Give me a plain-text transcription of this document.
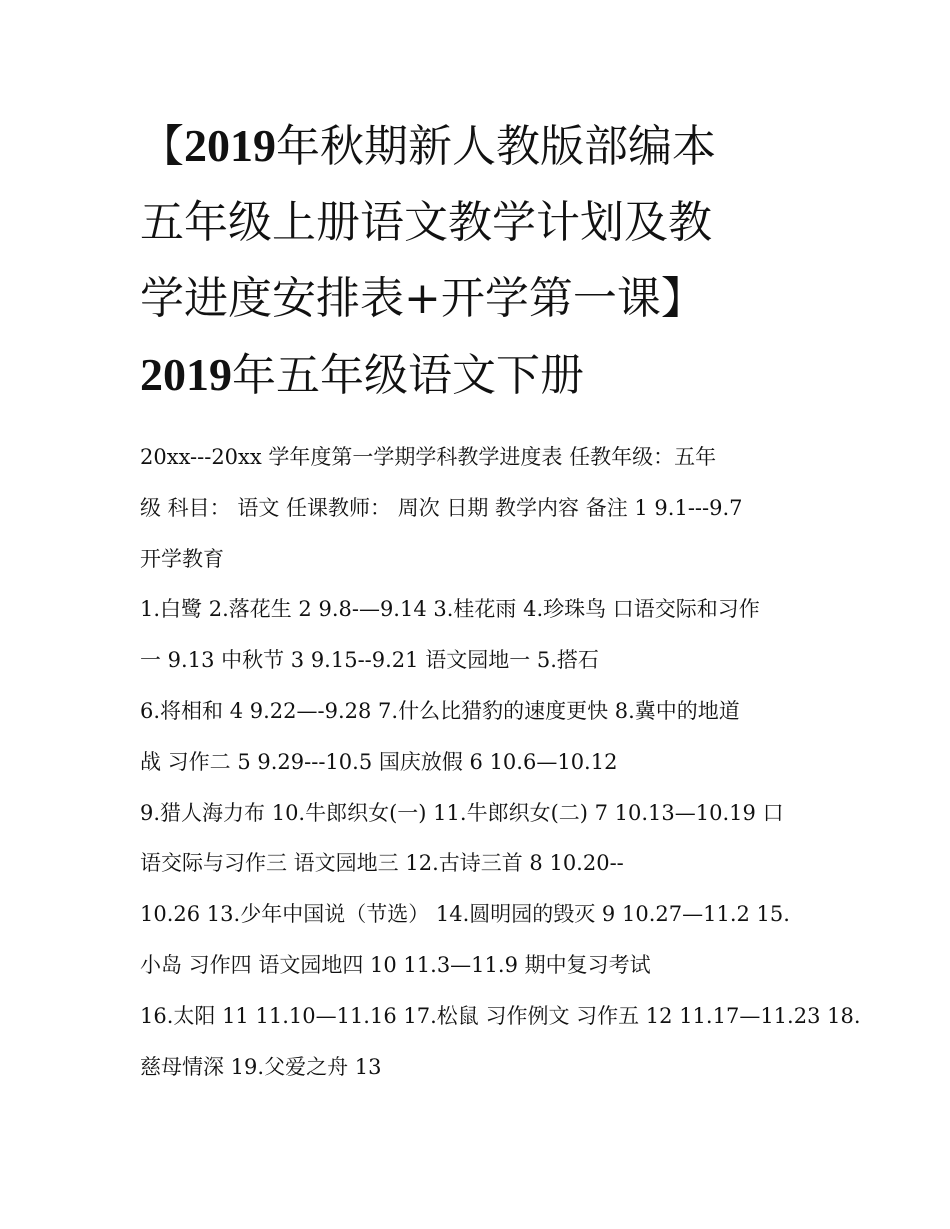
【2019年秋期新人教版部编本
五年级上册语文教学计划及教
学进度安排表+开学第一课】
2019年五年级语文下册
20xx---20xx 学年度第一学期学科教学进度表 任教年级：五年
级 科目： 语文 任课教师： 周次 日期 教学内容 备注 1 9.1---9.7
开学教育
1.白鹭 2.落花生 2 9.8-—9.14 3.桂花雨 4.珍珠鸟 口语交际和习作
一 9.13 中秋节 3 9.15--9.21 语文园地一 5.搭石
6.将相和 4 9.22—-9.28 7.什么比猎豹的速度更快 8.冀中的地道
战 习作二 5 9.29---10.5 国庆放假 6 10.6—10.12
9.猎人海力布 10.牛郎织女(一) 11.牛郎织女(二) 7 10.13—10.19 口
语交际与习作三 语文园地三 12.古诗三首 8 10.20--
10.26 13.少年中国说（节选） 14.圆明园的毁灭 9 10.27—11.2 15.
小岛 习作四 语文园地四 10 11.3—11.9 期中复习考试
16.太阳 11 11.10—11.16 17.松鼠 习作例文 习作五 12 11.17—11.23 18.
慈母情深 19.父爱之舟 13
